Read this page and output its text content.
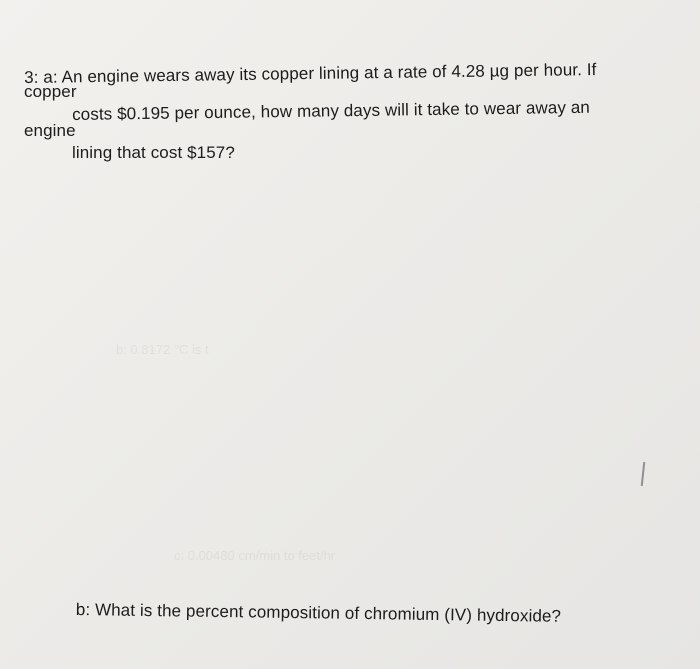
3: a: An engine wears away its copper lining at a rate of 4.28 µg per hour. If
copper
costs $0.195 per ounce, how many days will it take to wear away an
engine
lining that cost $157?
b: 0.8172 °C is t
c: 0.00480 cm/min to feet/hr
b: What is the percent composition of chromium (IV) hydroxide?
